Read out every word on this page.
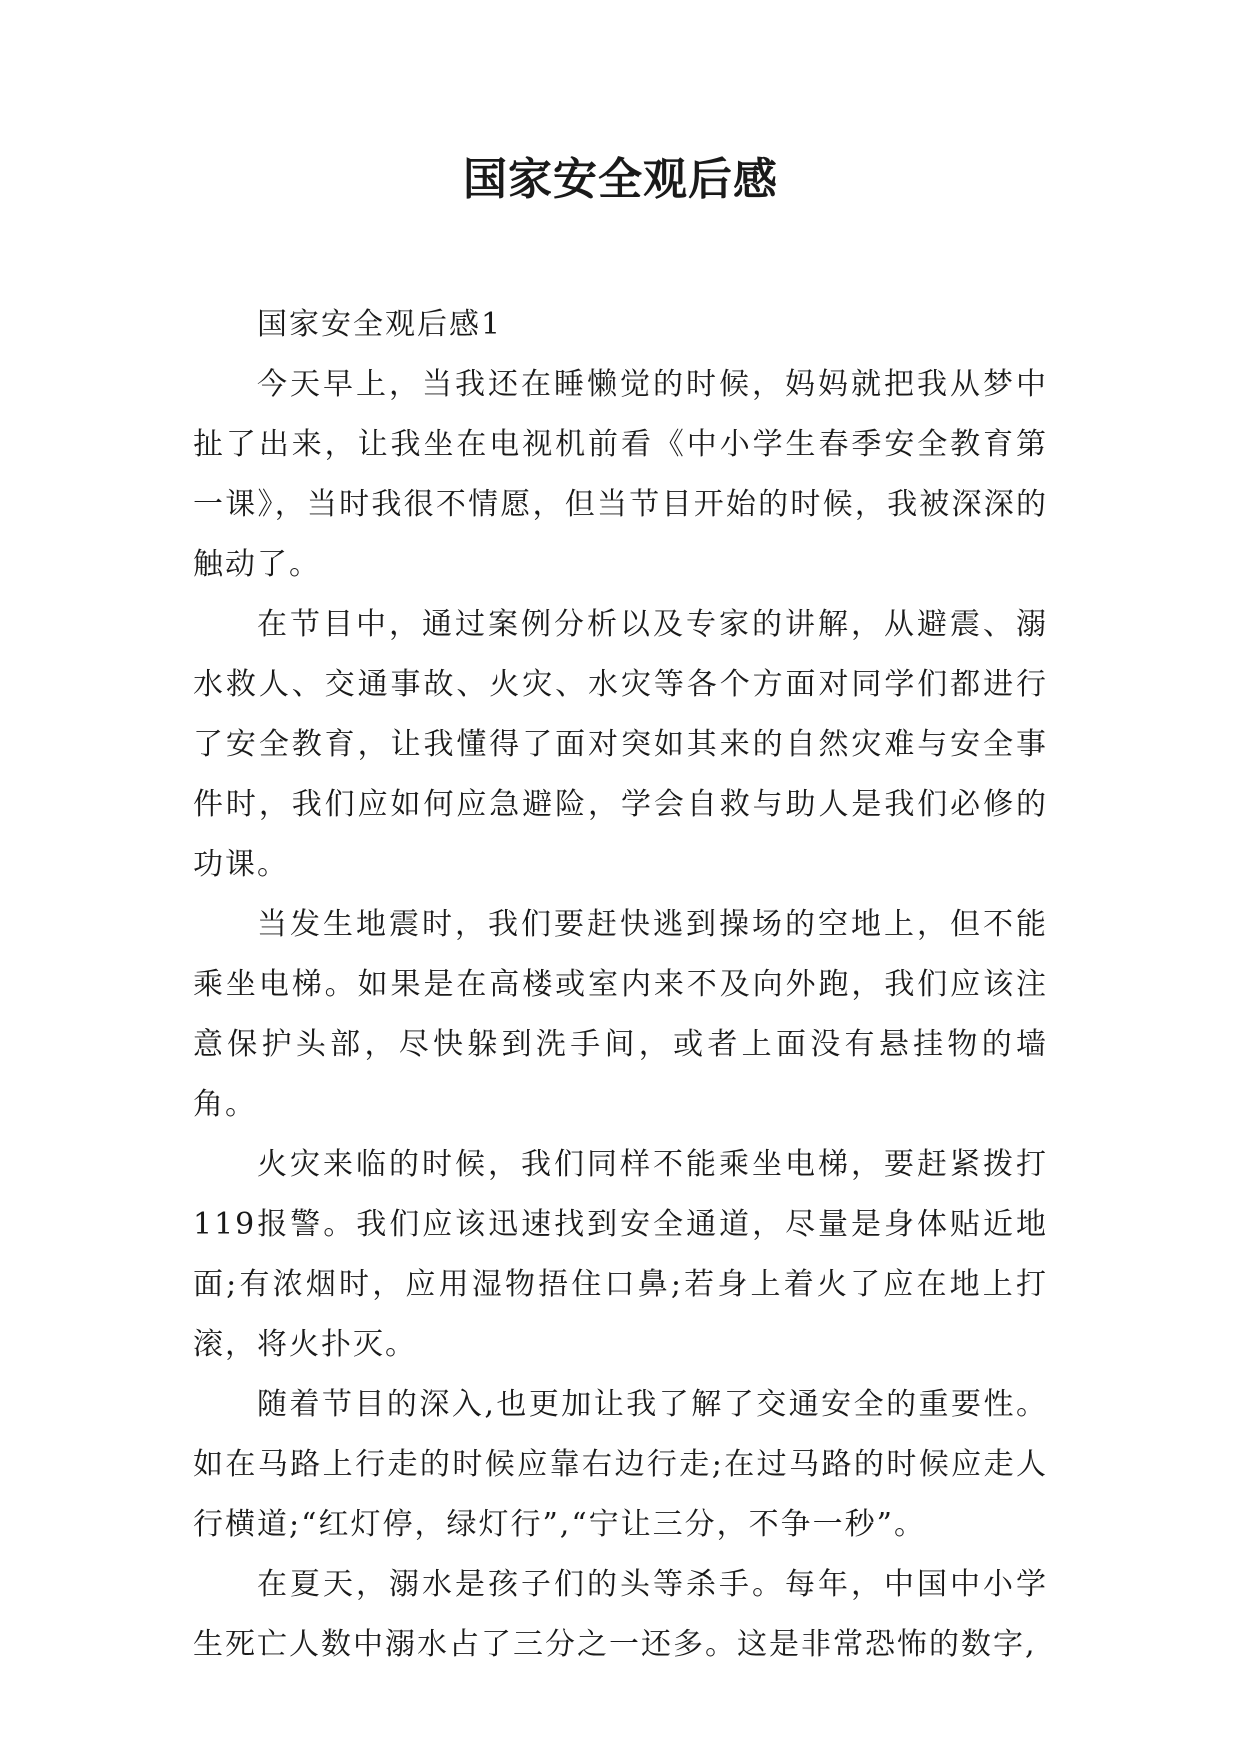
国家安全观后感

国家安全观后感1

今天早上，当我还在睡懒觉的时候，妈妈就把我从梦中扯了出来，让我坐在电视机前看《中小学生春季安全教育第一课》，当时我很不情愿，但当节目开始的时候，我被深深的触动了。

在节目中，通过案例分析以及专家的讲解，从避震、溺水救人、交通事故、火灾、水灾等各个方面对同学们都进行了安全教育，让我懂得了面对突如其来的自然灾难与安全事件时，我们应如何应急避险，学会自救与助人是我们必修的功课。

当发生地震时，我们要赶快逃到操场的空地上，但不能乘坐电梯。如果是在高楼或室内来不及向外跑，我们应该注意保护头部，尽快躲到洗手间，或者上面没有悬挂物的墙角。

火灾来临的时候，我们同样不能乘坐电梯，要赶紧拨打119报警。我们应该迅速找到安全通道，尽量是身体贴近地面;有浓烟时，应用湿物捂住口鼻;若身上着火了应在地上打滚，将火扑灭。

随着节目的深入,也更加让我了解了交通安全的重要性。如在马路上行走的时候应靠右边行走;在过马路的时候应走人行横道;“红灯停，绿灯行”,“宁让三分，不争一秒”。

在夏天，溺水是孩子们的头等杀手。每年，中国中小学生死亡人数中溺水占了三分之一还多。这是非常恐怖的数字,
